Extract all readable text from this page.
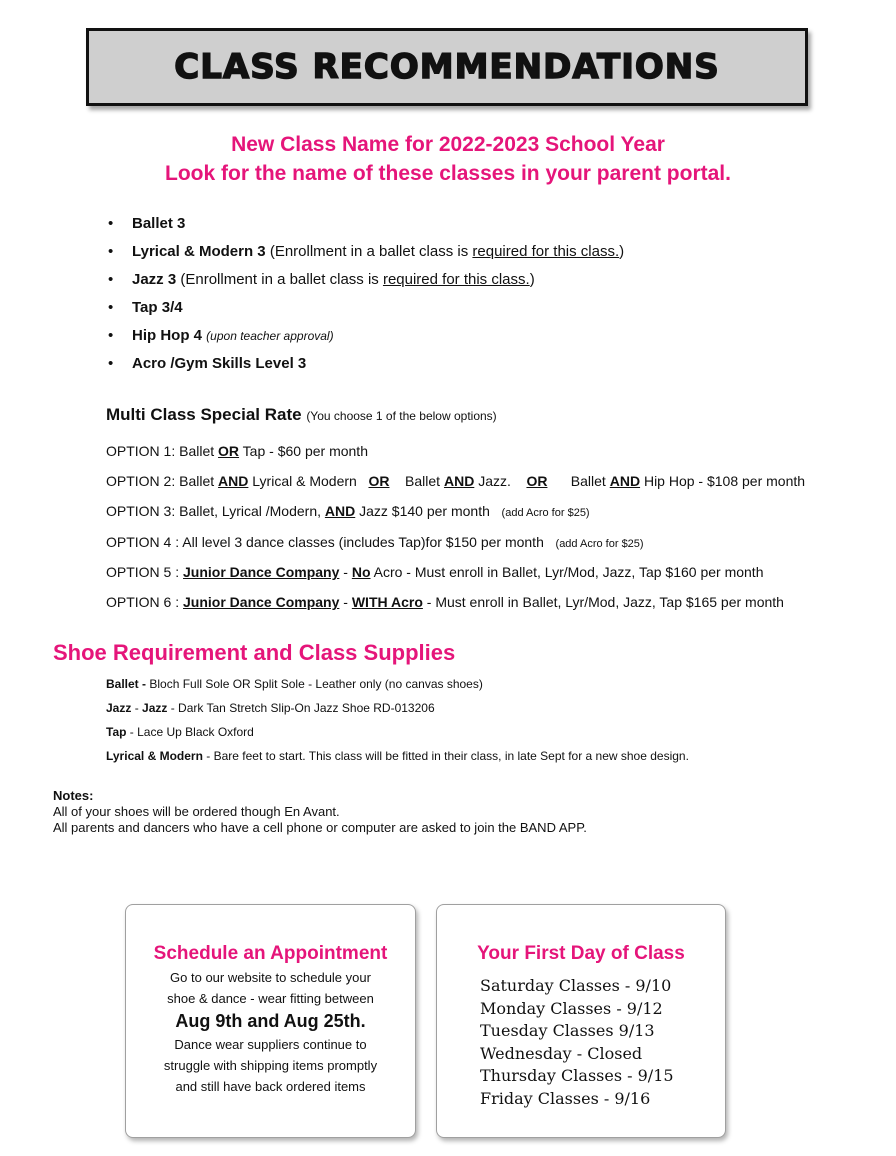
CLASS RECOMMENDATIONS
New Class Name for 2022-2023 School Year
Look for the name of these classes in your parent portal.
• Ballet 3
• Lyrical & Modern 3 (Enrollment in a ballet class is required for this class.)
• Jazz 3 (Enrollment in a ballet class is required for this class.)
• Tap 3/4
• Hip Hop 4 (upon teacher approval)
• Acro /Gym Skills Level 3
Multi Class Special Rate (You choose 1 of the below options)
OPTION 1: Ballet OR Tap - $60 per month
OPTION 2: Ballet AND Lyrical & Modern OR Ballet AND Jazz. OR Ballet AND Hip Hop - $108 per month
OPTION 3: Ballet, Lyrical /Modern, AND Jazz $140 per month (add Acro for $25)
OPTION 4 : All level 3 dance classes (includes Tap)for $150 per month (add Acro for $25)
OPTION 5 : Junior Dance Company - No Acro - Must enroll in Ballet, Lyr/Mod, Jazz, Tap $160 per month
OPTION 6 : Junior Dance Company - WITH Acro - Must enroll in Ballet, Lyr/Mod, Jazz, Tap $165 per month
Shoe Requirement and Class Supplies
Ballet - Bloch Full Sole OR Split Sole - Leather only (no canvas shoes)
Jazz - Jazz - Dark Tan Stretch Slip-On Jazz Shoe RD-013206
Tap - Lace Up Black Oxford
Lyrical & Modern - Bare feet to start. This class will be fitted in their class, in late Sept for a new shoe design.
Notes:
All of your shoes will be ordered though En Avant.
All parents and dancers who have a cell phone or computer are asked to join the BAND APP.
Schedule an Appointment
Go to our website to schedule your
shoe & dance - wear fitting between
Aug 9th and Aug 25th.
Dance wear suppliers continue to
struggle with shipping items promptly
and still have back ordered items
Your First Day of Class
Saturday Classes - 9/10
Monday Classes - 9/12
Tuesday Classes 9/13
Wednesday - Closed
Thursday Classes - 9/15
Friday Classes - 9/16
